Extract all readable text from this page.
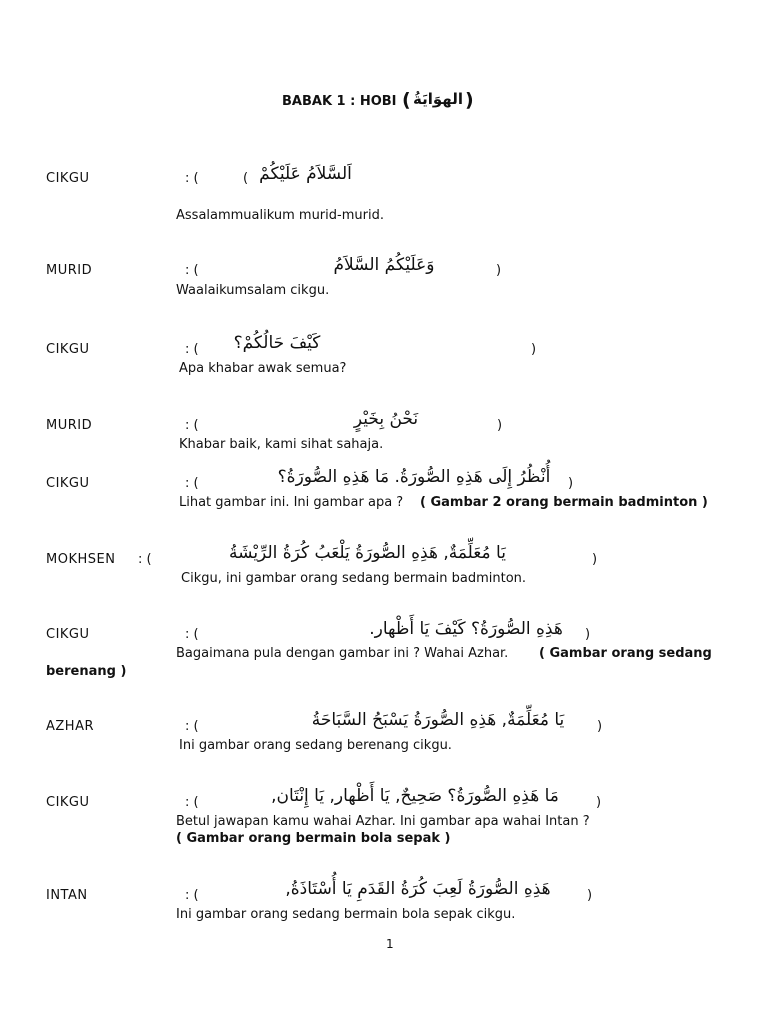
BABAK 1 : HOBI ( الهوَايَةُ )
CIKGU	: (	( اَلسَّلاَمُ عَلَيْكُمْ
Assalammualikum murid-murid.
MURID	: (	وَعَلَيْكُمُ السَّلاَمُ	)
Waalaikumsalam cikgu.
CIKGU	: ( كَيْفَ حَالُكُمْ؟	)
Apa khabar awak semua?
MURID	: (	نَحْنُ بِخَيْرٍ	)
Khabar baik, kami sihat sahaja.
CIKGU	: (	أُنْظُرُ إِلَى هَذِهِ الصُّورَةُ. مَا هَذِهِ الصُّورَةُ؟	)
Lihat gambar ini. Ini gambar apa ? ( Gambar 2 orang bermain badminton )
MOKHSEN : (	يَا مُعَلِّمَةٌ, هَذِهِ الصُّورَةُ يَلْعَبُ كُرَةُ الرِّيْشَةُ	)
Cikgu, ini gambar orang sedang bermain badminton.
CIKGU	: (	هَذِهِ الصُّورَةُ؟ كَيْفَ يَا أَظْهار.	)
Bagaimana pula dengan gambar ini ? Wahai Azhar. ( Gambar orang sedang
berenang )
AZHAR	: (	يَا مُعَلِّمَةٌ, هَذِهِ الصُّورَةُ يَسْبَحُ السَّبَاحَةُ	)
Ini gambar orang sedang berenang cikgu.
CIKGU	: (	مَا هَذِهِ الصُّورَةُ؟ صَحِيحٌ, يَا أَظْهار, يَا إِنْتَان,	)
Betul jawapan kamu wahai Azhar. Ini gambar apa wahai Intan ?
( Gambar orang bermain bola sepak )
INTAN	: (	هَذِهِ الصُّورَةُ لَعِبَ كُرَةُ القَدَمِ يَا أُسْتَاذَةُ,	)
Ini gambar orang sedang bermain bola sepak cikgu.
1
